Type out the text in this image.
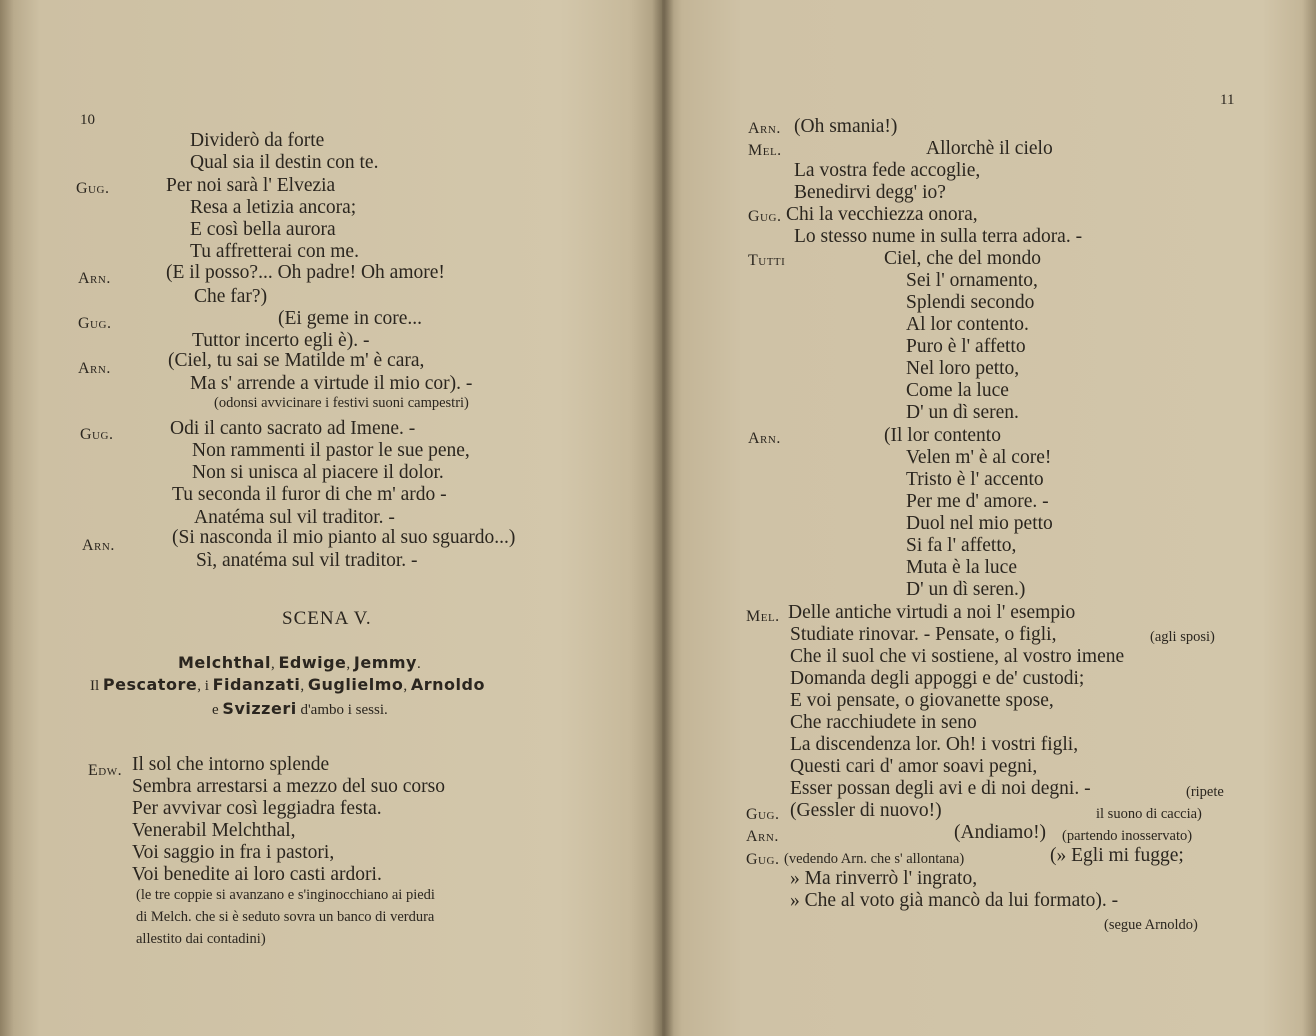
10
Dividerò da forte
Qual sia il destin con te.
Gug.	Per noi sarà l' Elvezia
Resa a letizia ancora;
E così bella aurora
Tu affretterai con me.
Arn.	(E il posso?... Oh padre! Oh amore!
Che far?)
Gug.	(Ei geme in core...
Tuttor incerto egli è). -
Arn.	(Ciel, tu sai se Matilde m' è cara,
Ma s' arrende a virtude il mio cor). -
(odonsi avvicinare i festivi suoni campestri)
Gug.	Odi il canto sacrato ad Imene. -
Non rammenti il pastor le sue pene,
Non si unisca al piacere il dolor.
Tu seconda il furor di che m' ardo -
Anatéma sul vil traditor. -
Arn.	(Si nasconda il mio pianto al suo sguardo...)
Sì, anatéma sul vil traditor. -
SCENA V.
Melchthal, Edwige, Jemmy.
Il Pescatore, i Fidanzati, Guglielmo, Arnoldo
e Svizzeri d'ambo i sessi.
Edw. Il sol che intorno splende
Sembra arrestarsi a mezzo del suo corso
Per avvivar così leggiadra festa.
Venerabil Melchthal,
Voi saggio in fra i pastori,
Voi benedite ai loro casti ardori.
(le tre coppie si avanzano e s'inginocchiano ai piedi
di Melch. che si è seduto sovra un banco di verdura
allestito dai contadini)
11
Arn. (Oh smania!)
Mel.	Allorchè il cielo
La vostra fede accoglie,
Benedirvi degg' io?
Gug. Chi la vecchiezza onora,
Lo stesso nume in sulla terra adora. -
Tutti	Ciel, che del mondo
Sei l' ornamento,
Splendi secondo
Al lor contento.
Puro è l' affetto
Nel loro petto,
Come la luce
D' un dì seren.
Arn.	(Il lor contento
Velen m' è al core!
Tristo è l' accento
Per me d' amore. -
Duol nel mio petto
Si fa l' affetto,
Muta è la luce
D' un dì seren.)
Mel. Delle antiche virtudi a noi l' esempio
Studiate rinovar. - Pensate, o figli,	(agli sposi)
Che il suol che vi sostiene, al vostro imene
Domanda degli appoggi e de' custodi;
E voi pensate, o giovanette spose,
Che racchiudete in seno
La discendenza lor. Oh! i vostri figli,
Questi cari d' amor soavi pegni,
Esser possan degli avi e di noi degni. -	(ripete
Gug. (Gessler di nuovo!)	il suono di caccia)
Arn.	(Andiamo!) (partendo inosservato)
Gug. (vedendo Arn. che s' allontana)	(» Egli mi fugge;
» Ma rinverrò l' ingrato,
» Che al voto già mancò da lui formato). -
(segue Arnoldo)
